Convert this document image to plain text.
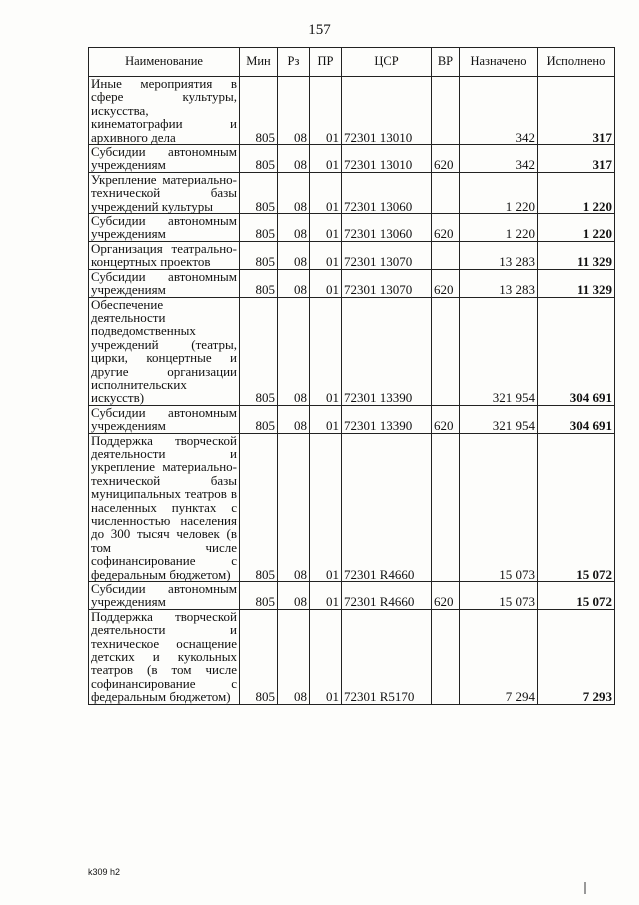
157
Наименование	Мин	Рз	ПР	ЦСР	ВР	Назначено	Исполнено
Иные мероприятия в сфере культуры, искусства, кинематографии и архивного дела	805	08	01	72301 13010		342	317
Субсидии автономным учреждениям	805	08	01	72301 13010	620	342	317
Укрепление материально-технической базы учреждений культуры	805	08	01	72301 13060		1 220	1 220
Субсидии автономным учреждениям	805	08	01	72301 13060	620	1 220	1 220
Организация театрально-концертных проектов	805	08	01	72301 13070		13 283	11 329
Субсидии автономным учреждениям	805	08	01	72301 13070	620	13 283	11 329
Обеспечение деятельности подведомственных учреждений (театры, цирки, концертные и другие организации исполнительских искусств)	805	08	01	72301 13390		321 954	304 691
Субсидии автономным учреждениям	805	08	01	72301 13390	620	321 954	304 691
Поддержка творческой деятельности и укрепление материально-технической базы муниципальных театров в населенных пунктах с численностью населения до 300 тысяч человек (в том числе софинансирование с федеральным бюджетом)	805	08	01	72301 R4660		15 073	15 072
Субсидии автономным учреждениям	805	08	01	72301 R4660	620	15 073	15 072
Поддержка творческой деятельности и техническое оснащение детских и кукольных театров (в том числе софинансирование с федеральным бюджетом)	805	08	01	72301 R5170		7 294	7 293
k309 h2
